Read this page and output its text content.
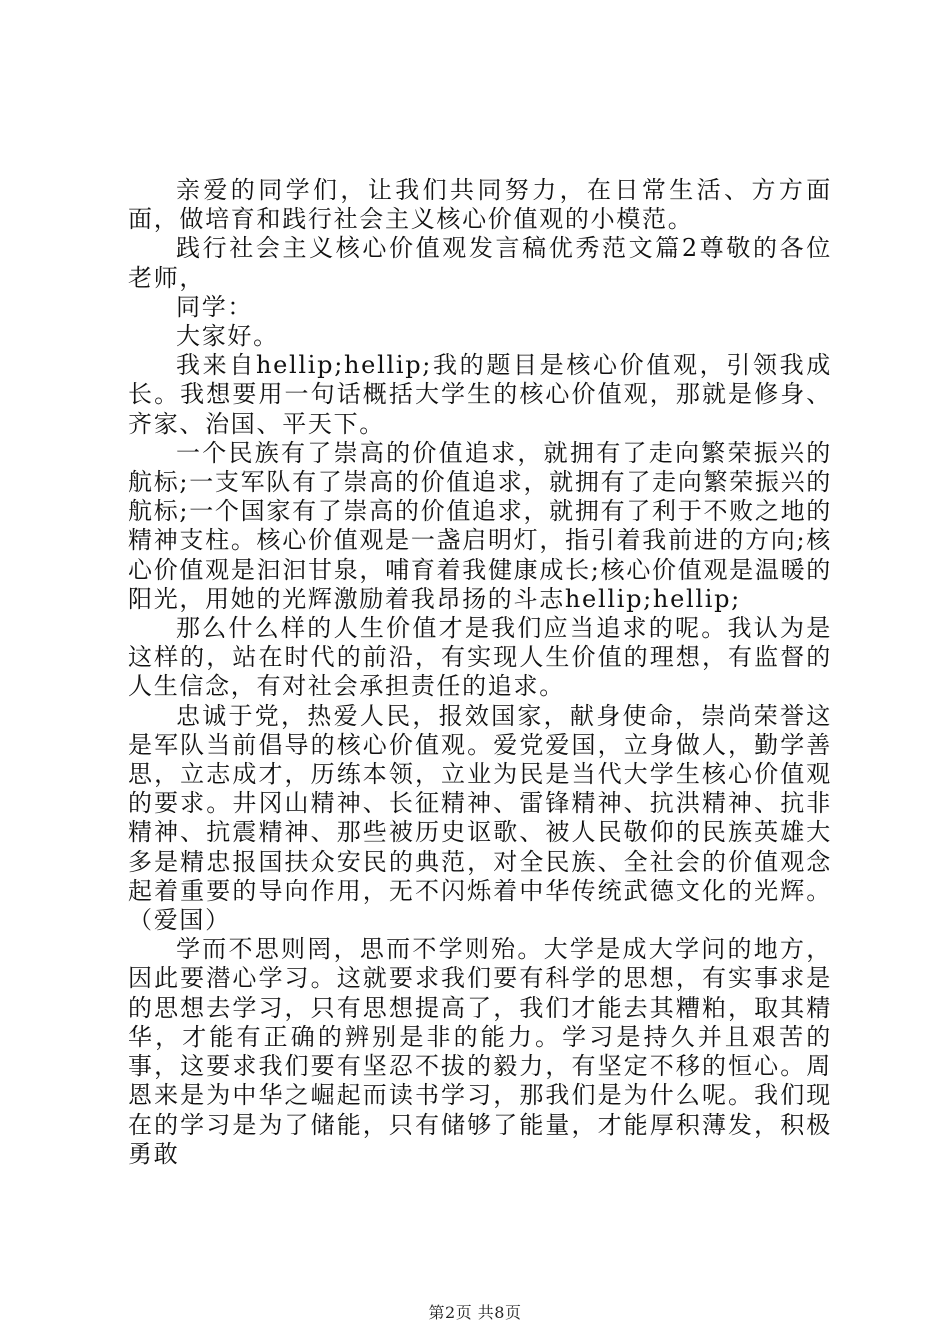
亲爱的同学们，让我们共同努力，在日常生活、方方面面，做培育和践行社会主义核心价值观的小模范。

践行社会主义核心价值观发言稿优秀范文篇2尊敬的各位老师，

同学：

大家好。

我来自hellip;hellip;我的题目是核心价值观，引领我成长。我想要用一句话概括大学生的核心价值观，那就是修身、齐家、治国、平天下。

一个民族有了崇高的价值追求，就拥有了走向繁荣振兴的航标;一支军队有了崇高的价值追求，就拥有了走向繁荣振兴的航标;一个国家有了崇高的价值追求，就拥有了利于不败之地的精神支柱。核心价值观是一盏启明灯，指引着我前进的方向;核心价值观是汩汩甘泉，哺育着我健康成长;核心价值观是温暖的阳光，用她的光辉激励着我昂扬的斗志hellip;hellip;

那么什么样的人生价值才是我们应当追求的呢。我认为是这样的，站在时代的前沿，有实现人生价值的理想，有监督的人生信念，有对社会承担责任的追求。

忠诚于党，热爱人民，报效国家，献身使命，崇尚荣誉这是军队当前倡导的核心价值观。爱党爱国，立身做人，勤学善思，立志成才，历练本领，立业为民是当代大学生核心价值观的要求。井冈山精神、长征精神、雷锋精神、抗洪精神、抗非精神、抗震精神、那些被历史讴歌、被人民敬仰的民族英雄大多是精忠报国扶众安民的典范，对全民族、全社会的价值观念起着重要的导向作用，无不闪烁着中华传统武德文化的光辉。（爱国）

学而不思则罔，思而不学则殆。大学是成大学问的地方，因此要潜心学习。这就要求我们要有科学的思想，有实事求是的思想去学习，只有思想提高了，我们才能去其糟粕，取其精华，才能有正确的辨别是非的能力。学习是持久并且艰苦的事，这要求我们要有坚忍不拔的毅力，有坚定不移的恒心。周恩来是为中华之崛起而读书学习，那我们是为什么呢。我们现在的学习是为了储能，只有储够了能量，才能厚积薄发，积极勇敢

第2页 共8页
